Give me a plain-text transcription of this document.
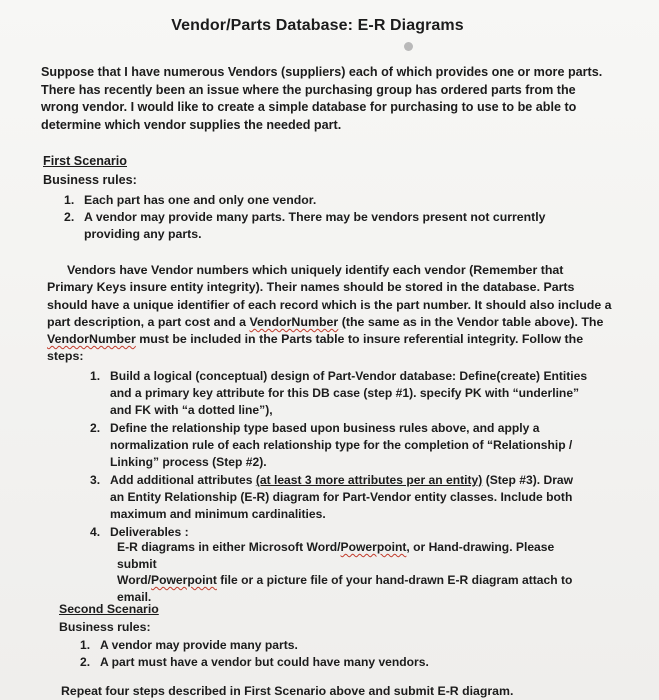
Vendor/Parts Database: E-R Diagrams
Suppose that I have numerous Vendors (suppliers) each of which provides one or more parts. There has recently been an issue where the purchasing group has ordered parts from the wrong vendor. I would like to create a simple database for purchasing to use to be able to determine which vendor supplies the needed part.
First Scenario
Business rules:
1. Each part has one and only one vendor.
2. A vendor may provide many parts. There may be vendors present not currently
providing any parts.
Vendors have Vendor numbers which uniquely identify each vendor (Remember that
Primary Keys insure entity integrity). Their names should be stored in the database. Parts
should have a unique identifier of each record which is the part number. It should also include a
part description, a part cost and a VendorNumber (the same as in the Vendor table above). The
VendorNumber must be included in the Parts table to insure referential integrity. Follow the
steps:
1. Build a logical (conceptual) design of Part-Vendor database: Define(create) Entities
and a primary key attribute for this DB case (step #1). specify PK with “underline”
and FK with “a dotted line”),
2. Define the relationship type based upon business rules above, and apply a
normalization rule of each relationship type for the completion of “Relationship /
Linking” process (Step #2).
3. Add additional attributes (at least 3 more attributes per an entity) (Step #3). Draw
an Entity Relationship (E-R) diagram for Part-Vendor entity classes. Include both
maximum and minimum cardinalities.
4. Deliverables :
E-R diagrams in either Microsoft Word/Powerpoint, or Hand-drawing. Please submit
Word/Powerpoint file or a picture file of your hand-drawn E-R diagram attach to
email.
Second Scenario
Business rules:
1. A vendor may provide many parts.
2. A part must have a vendor but could have many vendors.
Repeat four steps described in First Scenario above and submit E-R diagram.
